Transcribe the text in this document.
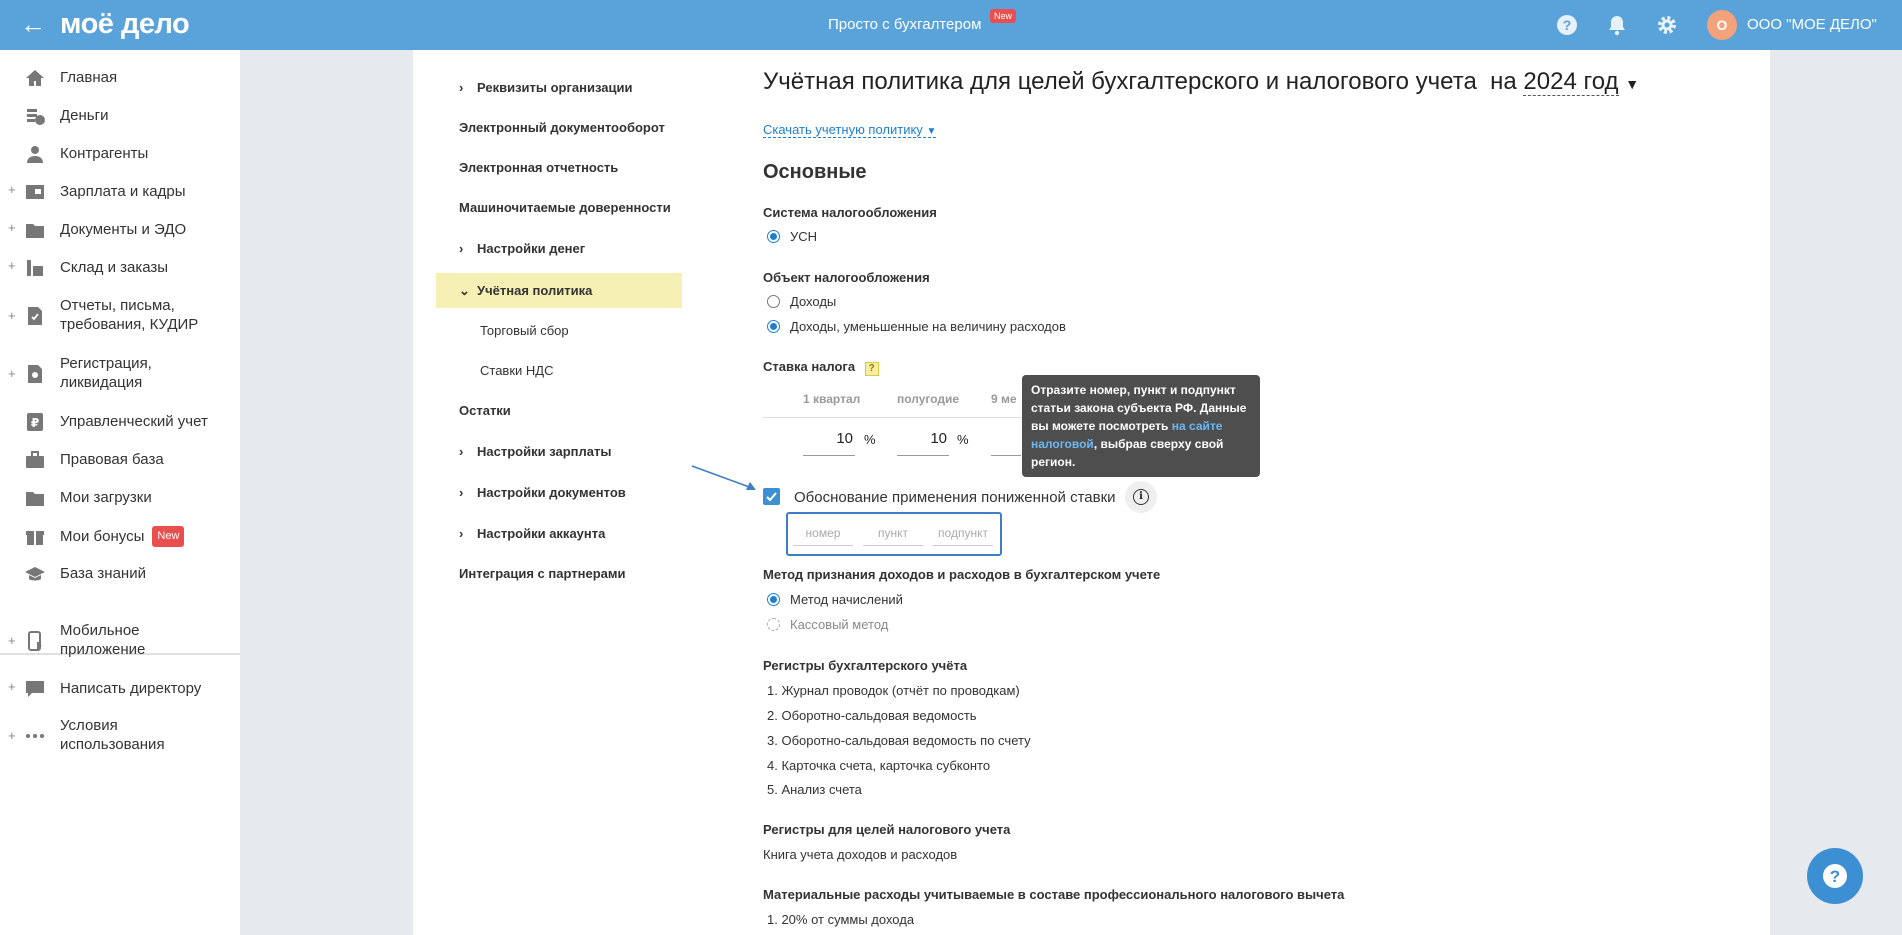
← моё дело	Просто с бухгалтером	New
?	О	ООО "МОЕ ДЕЛО"
Главная
Деньги
Контрагенты
+	Зарплата и кадры
+	Документы и ЭДО
+	Склад и заказы
+
Отчеты, письма, требования, КУДИР
+
Регистрация, ликвидация
₽ Управленческий учет
Правовая база
Мои загрузки
Мои бонусы New
База знаний
+
Мобильное приложение
+	Написать директору
+
Условия использования
› Реквизиты организации
Электронный документооборот
Электронная отчетность
Машиночитаемые доверенности
› Настройки денег
⌄ Учётная политика
Торговый сбор
Ставки НДС
Остатки
› Настройки зарплаты
› Настройки документов
› Настройки аккаунта
Интеграция с партнерами
Учётная политика для целей бухгалтерского и налогового учета на 2024 год ▼
Скачать учетную политику ▼
Основные
Система налогообложения
УСН
Объект налогообложения
Доходы
Доходы, уменьшенные на величину расходов
Ставка налога ?
1 квартал	полугодие	9 ме
10 %	10 %
Отразите номер, пункт и подпункт статьи закона субъекта РФ. Данные вы можете посмотреть на сайте налоговой, выбрав сверху свой регион.
Обоснование применения пониженной ставки	i
номер	пункт	подпункт
Метод признания доходов и расходов в бухгалтерском учете
Метод начислений
Кассовый метод
Регистры бухгалтерского учёта
1. Журнал проводок (отчёт по проводкам)
2. Оборотно-сальдовая ведомость
3. Оборотно-сальдовая ведомость по счету
4. Карточка счета, карточка субконто
5. Анализ счета
Регистры для целей налогового учета
Книга учета доходов и расходов
Материальные расходы учитываемые в составе профессионального налогового вычета
1. 20% от суммы дохода
?
